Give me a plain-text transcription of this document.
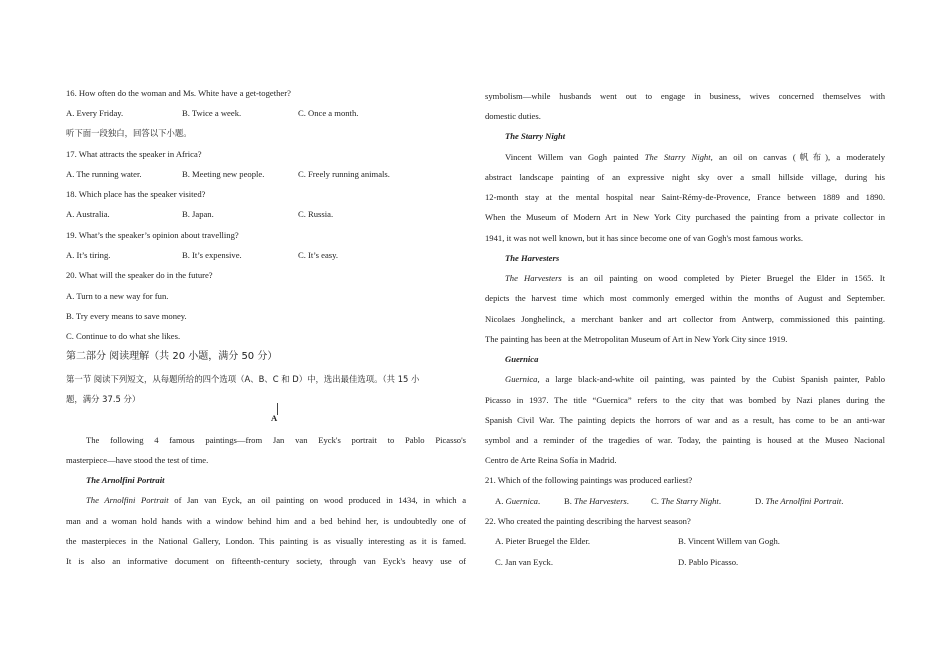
16. How often do the woman and Ms. White have a get-together?
A. Every Friday.	B. Twice a week.	C. Once a month.
听下面一段独白，回答以下小题。
17. What attracts the speaker in Africa?
A. The running water.	B. Meeting new people.	C. Freely running animals.
18. Which place has the speaker visited?
A. Australia.	B. Japan.	C. Russia.
19. What’s the speaker’s opinion about travelling?
A. It’s tiring.	B. It’s expensive.	C. It’s easy.
20. What will the speaker do in the future?
A. Turn to a new way for fun.
B. Try every means to save money.
C. Continue to do what she likes.
第二部分 阅读理解（共 20 小题，满分 50 分）
第一节 阅读下列短文，从每题所给的四个选项（A、B、C 和 D）中，选出最佳选项。（共 15 小
题，满分 37.5 分）
The following 4 famous paintings—from Jan van Eyck's portrait to Pablo Picasso's
masterpiece—have stood the test of time.
The Arnolfini Portrait
The Arnolfini Portrait of Jan van Eyck, an oil painting on wood produced in 1434, in which a
man and a woman hold hands with a window behind him and a bed behind her, is undoubtedly one of
the masterpieces in the National Gallery, London. This painting is as visually interesting as it is famed.
It is also an informative document on fifteenth-century society, through van Eyck's heavy use of
A
symbolism—while husbands went out to engage in business, wives concerned themselves with
domestic duties.
The Starry Night
Vincent Willem van Gogh painted The Starry Night, an oil on canvas (帆布), a moderately
abstract landscape painting of an expressive night sky over a small hillside village, during his
12-month stay at the mental hospital near Saint-Rémy-de-Provence, France between 1889 and 1890.
When the Museum of Modern Art in New York City purchased the painting from a private collector in
1941, it was not well known, but it has since become one of van Gogh's most famous works.
The Harvesters
The Harvesters is an oil painting on wood completed by Pieter Bruegel the Elder in 1565. It
depicts the harvest time which most commonly emerged within the months of August and September.
Nicolaes Jonghelinck, a merchant banker and art collector from Antwerp, commissioned this painting.
The painting has been at the Metropolitan Museum of Art in New York City since 1919.
Guernica
Guernica, a large black-and-white oil painting, was painted by the Cubist Spanish painter, Pablo
Picasso in 1937. The title “Guernica” refers to the city that was bombed by Nazi planes during the
Spanish Civil War. The painting depicts the horrors of war and as a result, has come to be an anti-war
symbol and a reminder of the tragedies of war. Today, the painting is housed at the Museo Nacional
Centro de Arte Reina Sofía in Madrid.
21. Which of the following paintings was produced earliest?
A. Guernica.	B. The Harvesters.	C. The Starry Night.	D. The Arnolfini Portrait.
22. Who created the painting describing the harvest season?
A. Pieter Bruegel the Elder.	B. Vincent Willem van Gogh.
C. Jan van Eyck.	D. Pablo Picasso.
